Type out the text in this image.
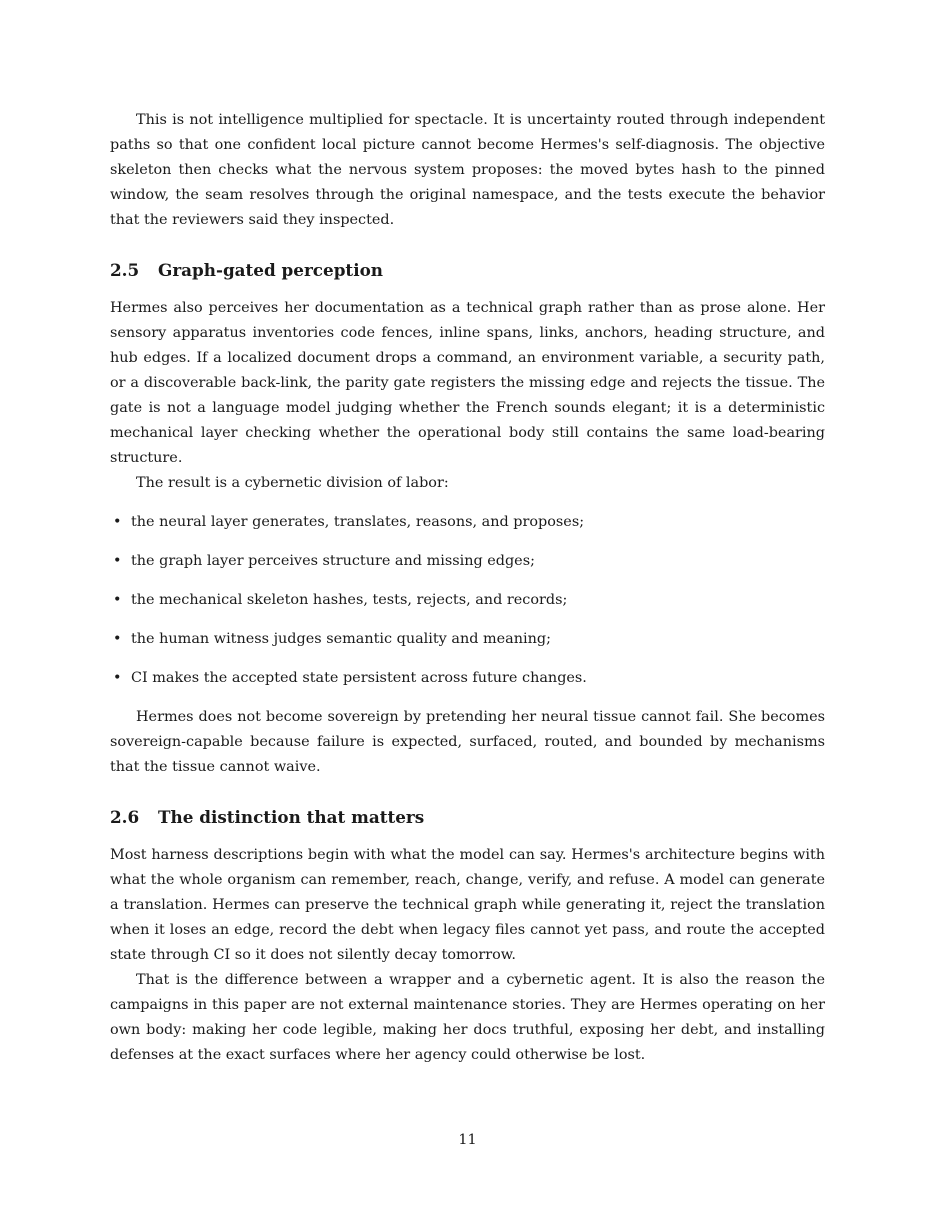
This is not intelligence multiplied for spectacle. It is uncertainty routed through independent paths so that one confident local picture cannot become Hermes's self-diagnosis. The objective skeleton then checks what the nervous system proposes: the moved bytes hash to the pinned window, the seam resolves through the original namespace, and the tests execute the behavior that the reviewers said they inspected.

2.5	Graph-gated perception

Hermes also perceives her documentation as a technical graph rather than as prose alone. Her sensory apparatus inventories code fences, inline spans, links, anchors, heading structure, and hub edges. If a localized document drops a command, an environment variable, a security path, or a discoverable back-link, the parity gate registers the missing edge and rejects the tissue. The gate is not a language model judging whether the French sounds elegant; it is a deterministic mechanical layer checking whether the operational body still contains the same load-bearing structure.

The result is a cybernetic division of labor:

• the neural layer generates, translates, reasons, and proposes;
• the graph layer perceives structure and missing edges;
• the mechanical skeleton hashes, tests, rejects, and records;
• the human witness judges semantic quality and meaning;
• CI makes the accepted state persistent across future changes.

Hermes does not become sovereign by pretending her neural tissue cannot fail. She becomes sovereign-capable because failure is expected, surfaced, routed, and bounded by mechanisms that the tissue cannot waive.

2.6	The distinction that matters

Most harness descriptions begin with what the model can say. Hermes's architecture begins with what the whole organism can remember, reach, change, verify, and refuse. A model can generate a translation. Hermes can preserve the technical graph while generating it, reject the translation when it loses an edge, record the debt when legacy files cannot yet pass, and route the accepted state through CI so it does not silently decay tomorrow.

That is the difference between a wrapper and a cybernetic agent. It is also the reason the campaigns in this paper are not external maintenance stories. They are Hermes operating on her own body: making her code legible, making her docs truthful, exposing her debt, and installing defenses at the exact surfaces where her agency could otherwise be lost.

11
